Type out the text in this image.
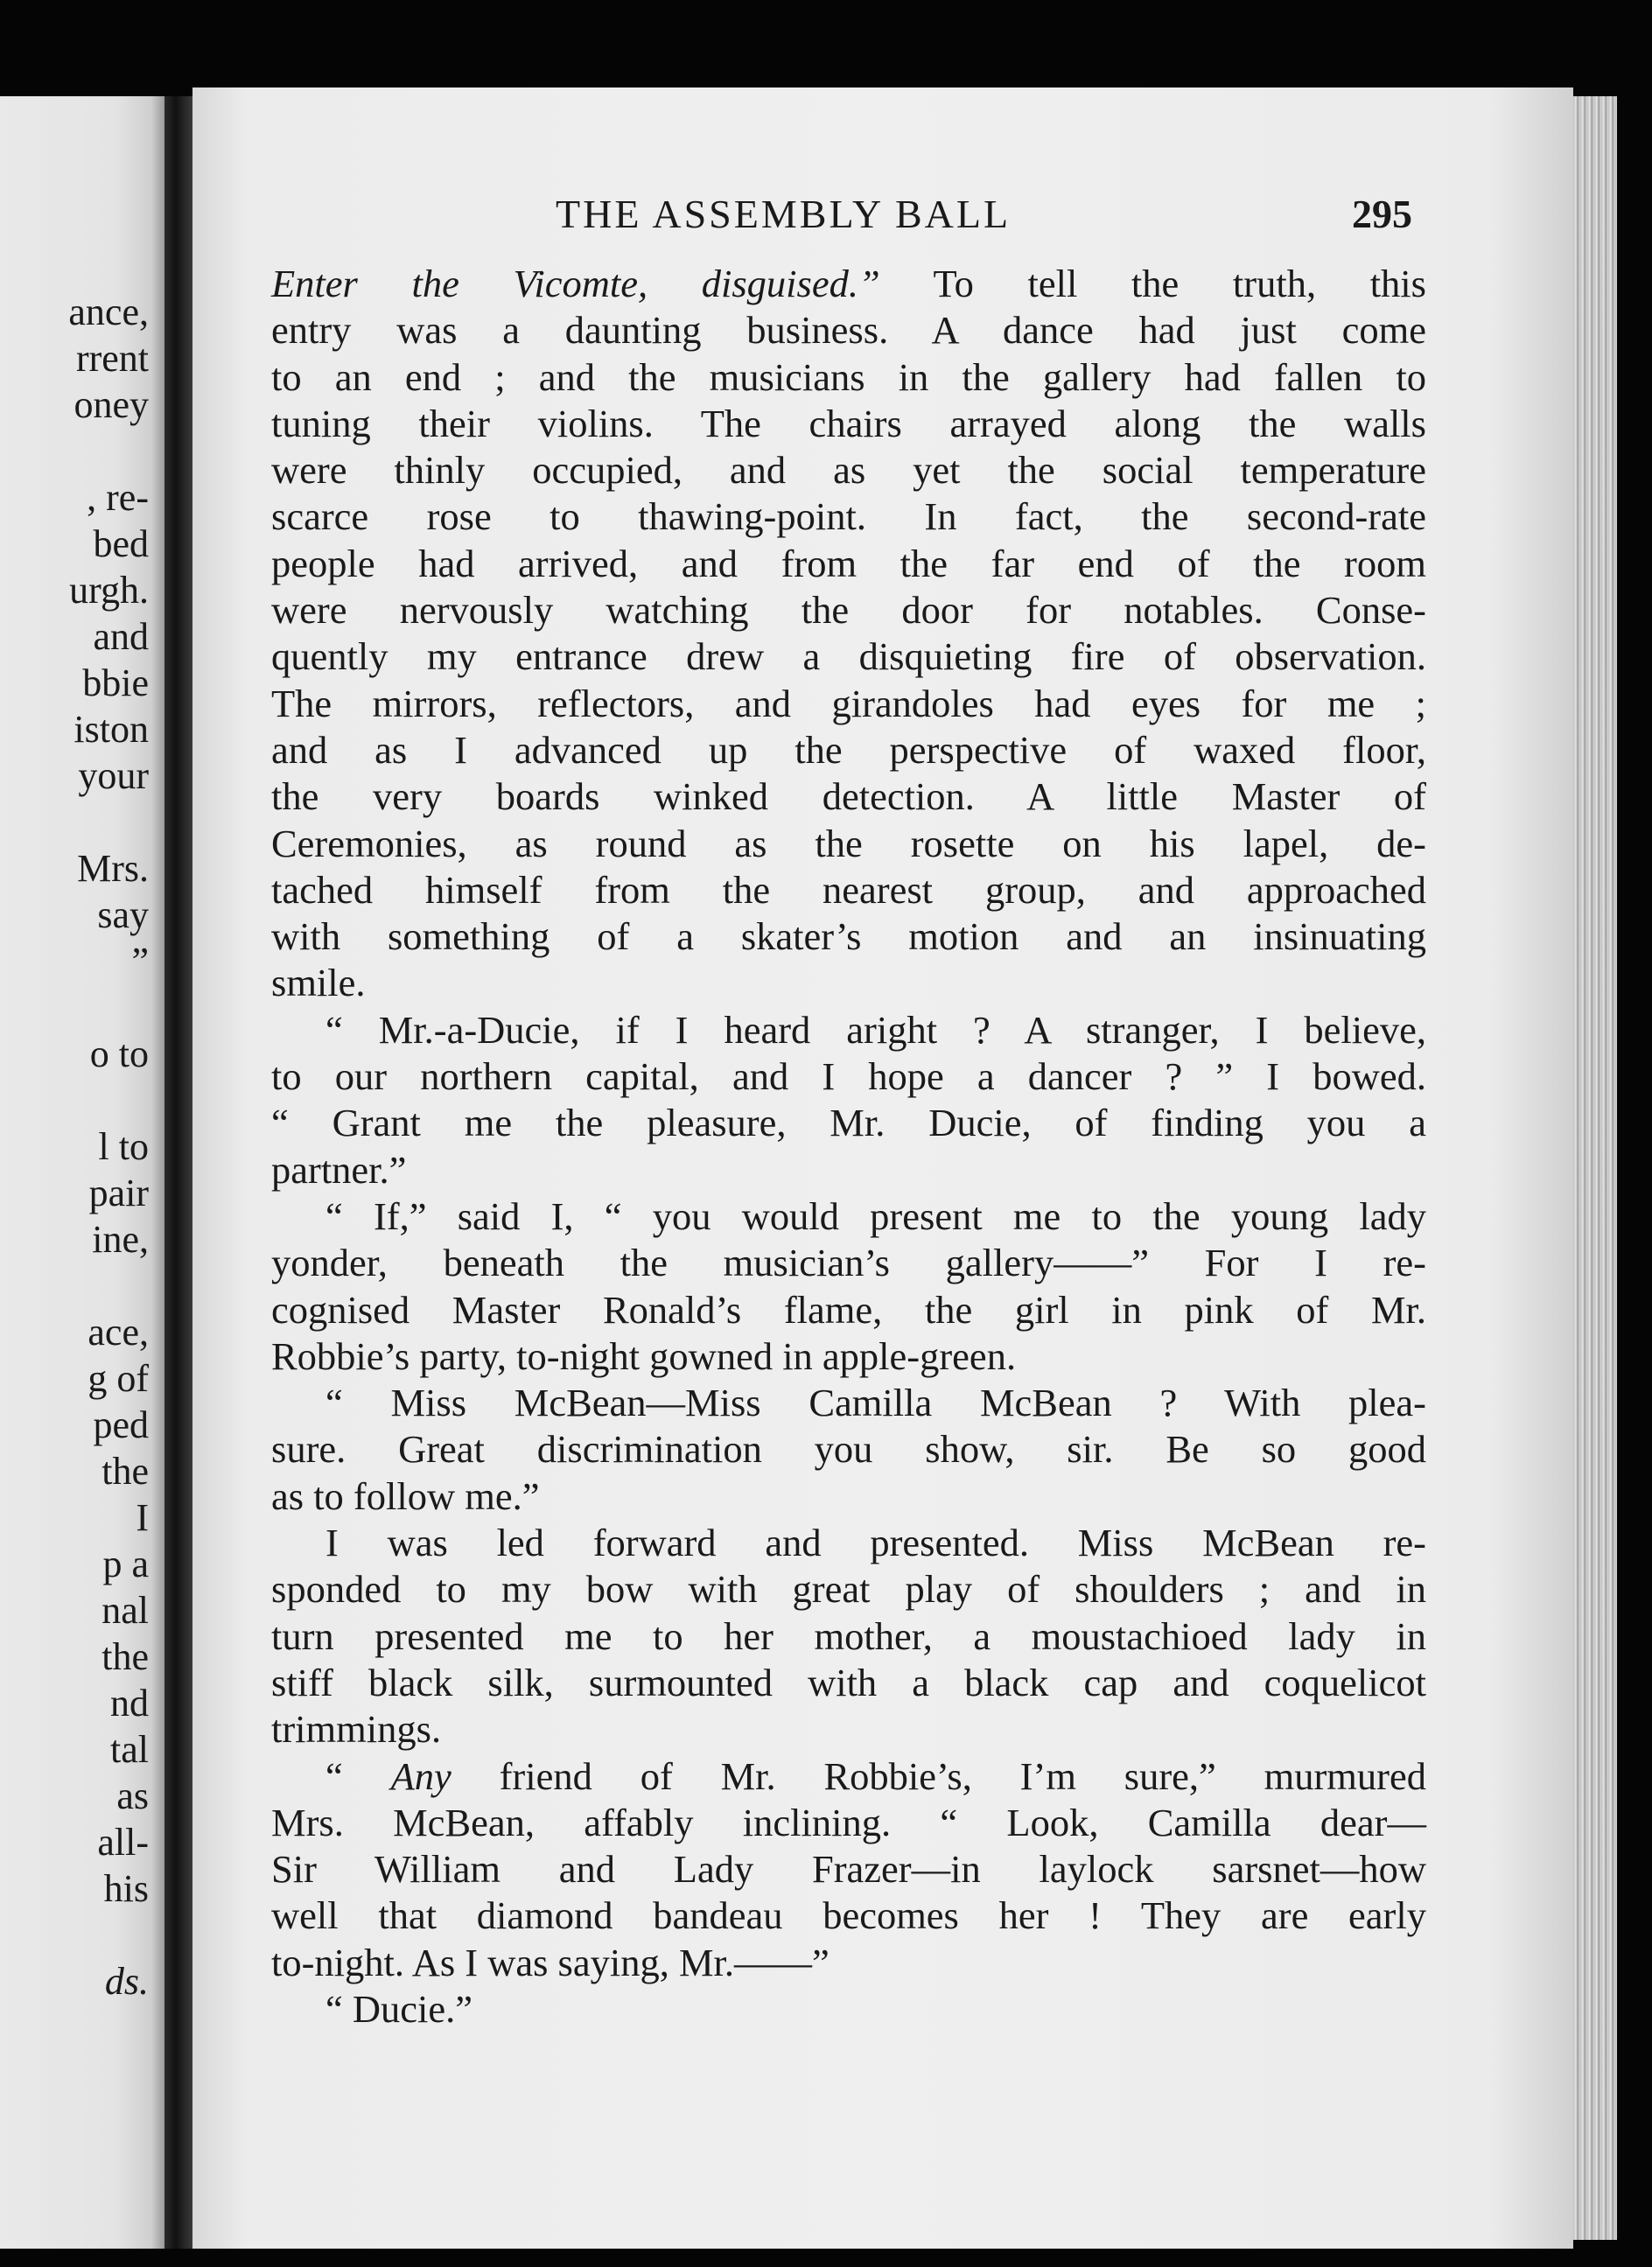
ance,
rrent
oney

, re-
bed
urgh.
and
bbie
iston
your

Mrs.
say
”

o to

l to
pair
ine,

ace,
g of
ped
the
I
p a
nal
the
nd
tal
as
all-
his

ds.
THE ASSEMBLY BALL	295
Enter the Vicomte, disguised.” To tell the truth, this
entry was a daunting business. A dance had just come
to an end ; and the musicians in the gallery had fallen to
tuning their violins. The chairs arrayed along the walls
were thinly occupied, and as yet the social temperature
scarce rose to thawing-point. In fact, the second-rate
people had arrived, and from the far end of the room
were nervously watching the door for notables. Conse-
quently my entrance drew a disquieting fire of observation.
The mirrors, reflectors, and girandoles had eyes for me ;
and as I advanced up the perspective of waxed floor,
the very boards winked detection. A little Master of
Ceremonies, as round as the rosette on his lapel, de-
tached himself from the nearest group, and approached
with something of a skater’s motion and an insinuating
smile.
“ Mr.-a-Ducie, if I heard aright ? A stranger, I believe,
to our northern capital, and I hope a dancer ? ” I bowed.
“ Grant me the pleasure, Mr. Ducie, of finding you a
partner.”
“ If,” said I, “ you would present me to the young lady
yonder, beneath the musician’s gallery——” For I re-
cognised Master Ronald’s flame, the girl in pink of Mr.
Robbie’s party, to-night gowned in apple-green.
“ Miss McBean—Miss Camilla McBean ? With plea-
sure. Great discrimination you show, sir. Be so good
as to follow me.”
I was led forward and presented. Miss McBean re-
sponded to my bow with great play of shoulders ; and in
turn presented me to her mother, a moustachioed lady in
stiff black silk, surmounted with a black cap and coquelicot
trimmings.
“ Any friend of Mr. Robbie’s, I’m sure,” murmured
Mrs. McBean, affably inclining. “ Look, Camilla dear—
Sir William and Lady Frazer—in laylock sarsnet—how
well that diamond bandeau becomes her ! They are early
to-night. As I was saying, Mr.——”
“ Ducie.”
